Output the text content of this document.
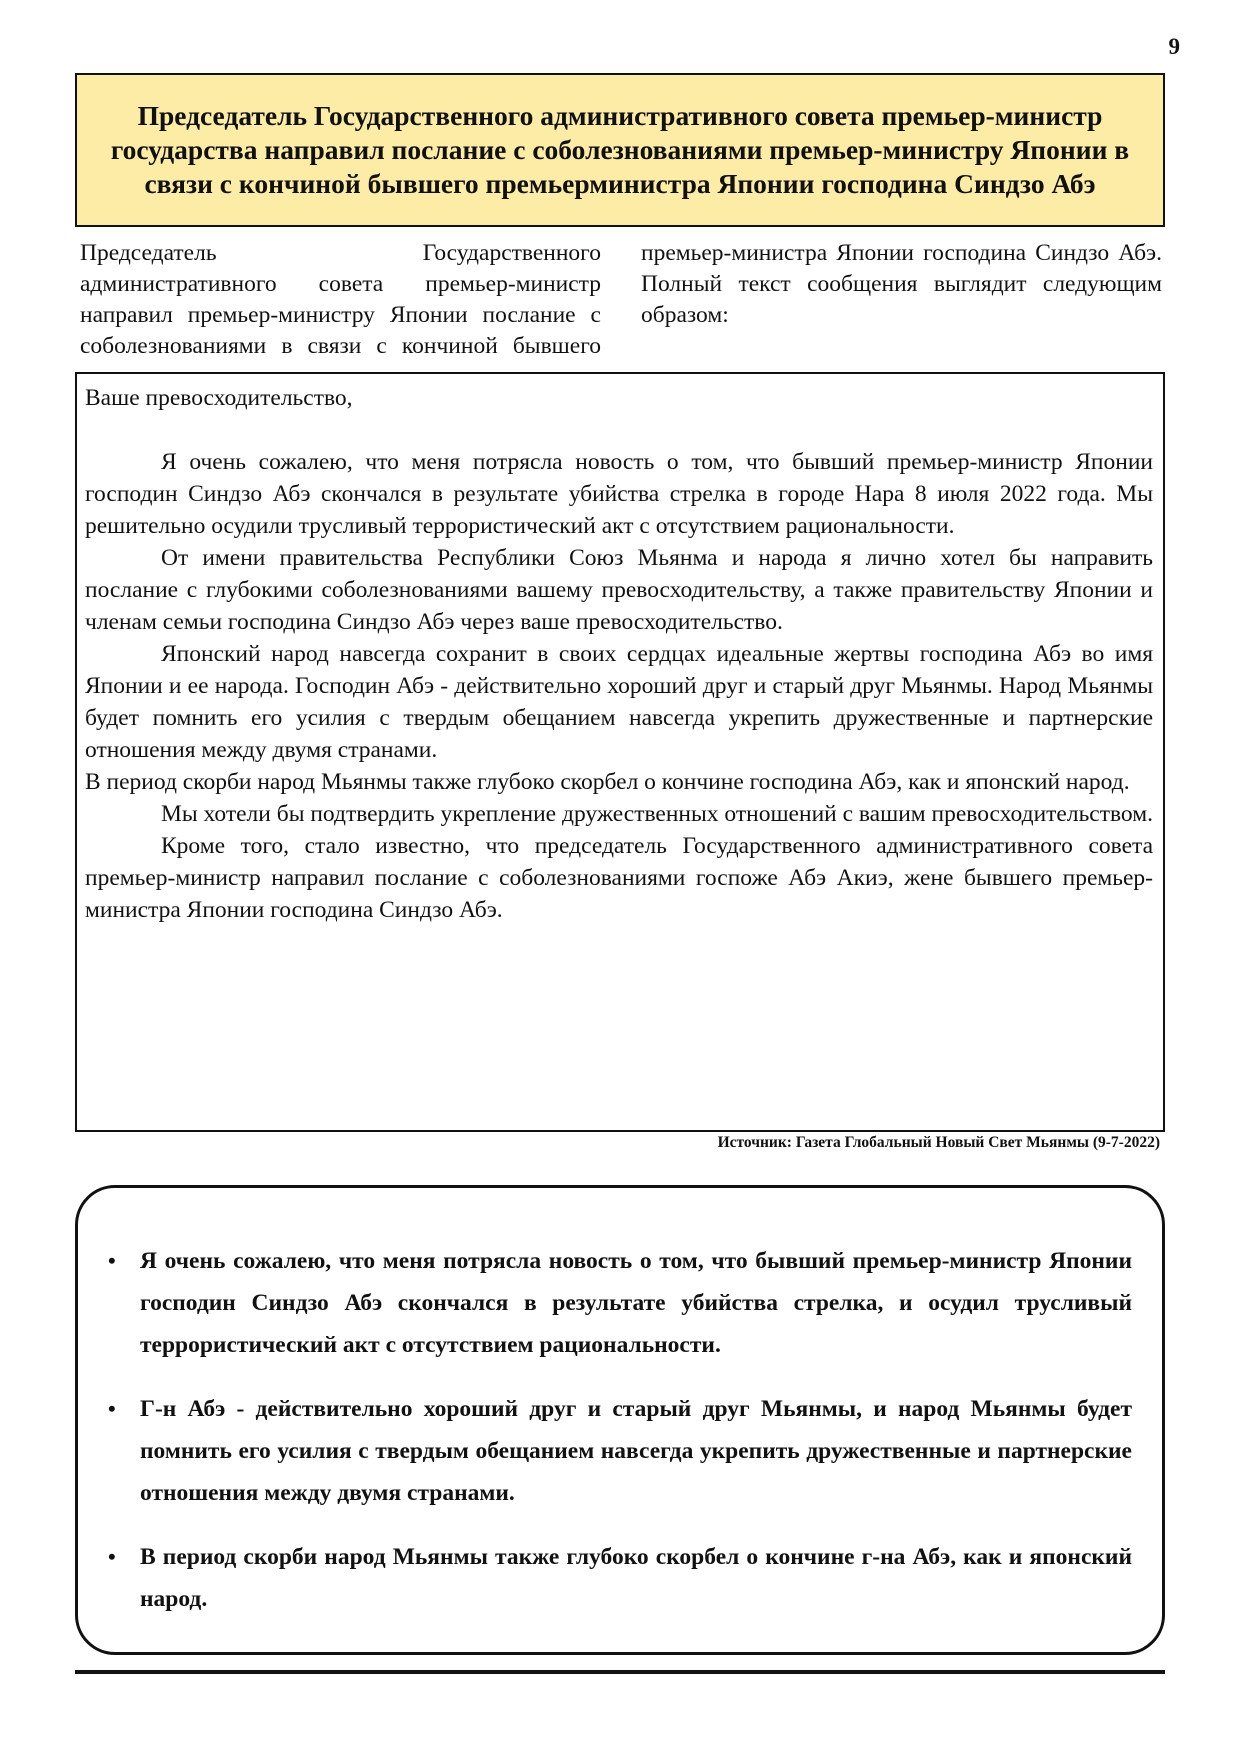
9
Председатель Государственного административного совета премьер-министр государства направил послание с соболезнованиями премьер-министру Японии в связи с кончиной бывшего премьерминистра Японии господина Синдзо Абэ

Председатель Государственного административного совета премьер-министр направил премьер-министру Японии послание с соболезнованиями в связи с кончиной бывшего премьер-министра Японии господина Синдзо Абэ. Полный текст сообщения выглядит следующим образом:

Ваше превосходительство,

Я очень сожалею, что меня потрясла новость о том, что бывший премьер-министр Японии господин Синдзо Абэ скончался в результате убийства стрелка в городе Нара 8 июля 2022 года. Мы решительно осудили трусливый террористический акт с отсутствием рациональности.

От имени правительства Республики Союз Мьянма и народа я лично хотел бы направить послание с глубокими соболезнованиями вашему превосходительству, а также правительству Японии и членам семьи господина Синдзо Абэ через ваше превосходительство.

Японский народ навсегда сохранит в своих сердцах идеальные жертвы господина Абэ во имя Японии и ее народа. Господин Абэ - действительно хороший друг и старый друг Мьянмы. Народ Мьянмы будет помнить его усилия с твердым обещанием навсегда укрепить дружественные и партнерские отношения между двумя странами.

В период скорби народ Мьянмы также глубоко скорбел о кончине господина Абэ, как и японский народ.

Мы хотели бы подтвердить укрепление дружественных отношений с вашим превосходительством.

Кроме того, стало известно, что председатель Государственного административного совета премьер-министр направил послание с соболезнованиями госпоже Абэ Акиэ, жене бывшего премьер-министра Японии господина Синдзо Абэ.

Источник: Газета Глобальный Новый Свет Мьянмы (9-7-2022)
• Я очень сожалею, что меня потрясла новость о том, что бывший премьер-министр Японии господин Синдзо Абэ скончался в результате убийства стрелка, и осудил трусливый террористический акт с отсутствием рациональности.
• Г-н Абэ - действительно хороший друг и старый друг Мьянмы, и народ Мьянмы будет помнить его усилия с твердым обещанием навсегда укрепить дружественные и партнерские отношения между двумя странами.
• В период скорби народ Мьянмы также глубоко скорбел о кончине г-на Абэ, как и японский народ.
